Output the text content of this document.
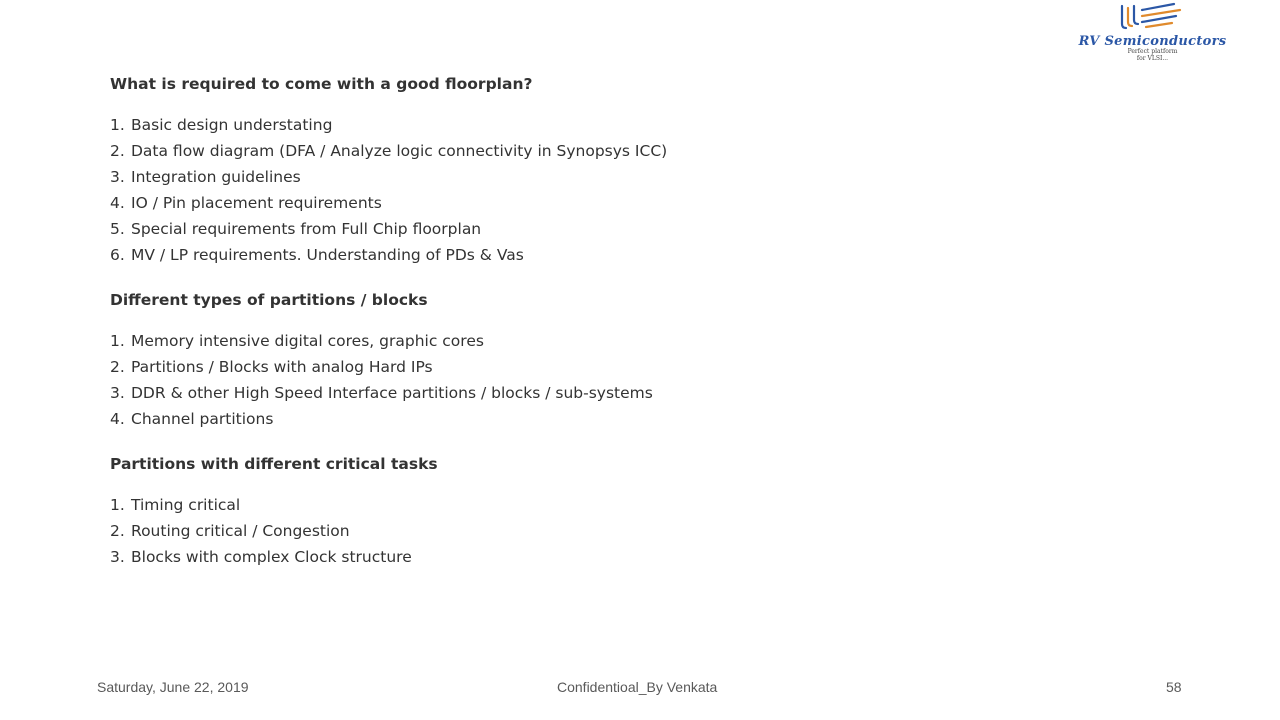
RV Semiconductors
Perfect platform
for VLSI...
What is required to come with a good floorplan?
1. Basic design understating
2. Data flow diagram (DFA / Analyze logic connectivity in Synopsys ICC)
3. Integration guidelines
4. IO / Pin placement requirements
5. Special requirements from Full Chip floorplan
6. MV / LP requirements. Understanding of PDs & Vas
Different types of partitions / blocks
1. Memory intensive digital cores, graphic cores
2. Partitions / Blocks with analog Hard IPs
3. DDR & other High Speed Interface partitions / blocks / sub-systems
4. Channel partitions
Partitions with different critical tasks
1. Timing critical
2. Routing critical / Congestion
3. Blocks with complex Clock structure
Saturday, June 22, 2019	Confidentioal_By Venkata	58
